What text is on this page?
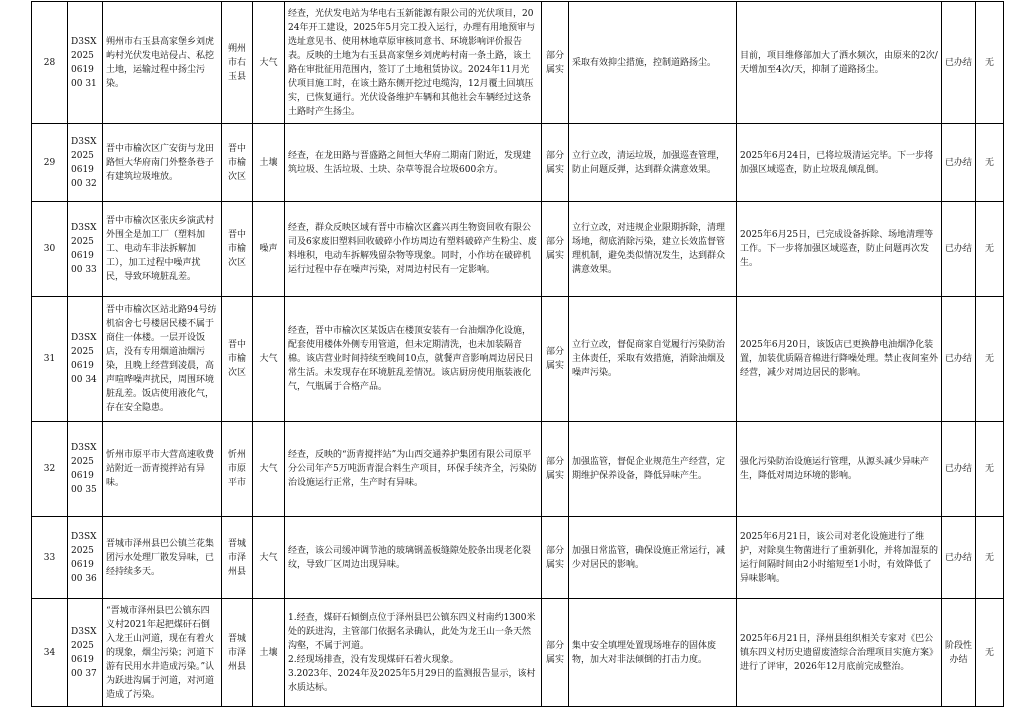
28	D3SX2025061900 31	朔州市右玉县高家堡乡刘虎屿村光伏发电站侵占、私挖土地，运输过程中扬尘污染。	朔州市右玉县	大气	经查，光伏发电站为华电右玉新能源有限公司的光伏项目，2024年开工建设，2025年5月完工投入运行，办理有用地预审与选址意见书、使用林地草原审核同意书、环境影响评价报告表。反映的土地为右玉县高家堡乡刘虎屿村南一条土路，该土路在审批征用范围内，签订了土地租赁协议。2024年11月光伏项目施工时，在该土路东侧开挖过电缆沟，12月覆土回填压实，已恢复通行。光伏设备维护车辆和其他社会车辆经过这条土路时产生扬尘。	部分属实	采取有效抑尘措施，控制道路扬尘。	目前，项目维修部加大了洒水频次，由原来的2次/天增加至4次/天，抑制了道路扬尘。	已办结	无
29	D3SX2025061900 32	晋中市榆次区广安街与龙田路恒大华府南门外整条巷子有建筑垃圾堆放。	晋中市榆次区	土壤	经查，在龙田路与晋盛路之间恒大华府二期南门附近，发现建筑垃圾、生活垃圾、土块、杂草等混合垃圾600余方。	部分属实	立行立改，清运垃圾，加强巡查管理，防止问题反弹，达到群众满意效果。	2025年6月24日，已将垃圾清运完毕。下一步将加强区域巡查，防止垃圾乱倾乱倒。	已办结	无
30	D3SX2025061900 33	晋中市榆次区张庆乡演武村外围全是加工厂（塑料加工、电动车非法拆解加工），加工过程中噪声扰民，导致环境脏乱差。	晋中市榆次区	噪声	经查，群众反映区域有晋中市榆次区鑫兴再生物资回收有限公司及6家废旧塑料回收破碎小作坊周边有塑料破碎产生粉尘、废料堆积，电动车拆解残留杂物等现象。同时，小作坊在破碎机运行过程中存在噪声污染，对周边村民有一定影响。	部分属实	立行立改，对违规企业限期拆除，清理场地，彻底消除污染，建立长效监督管理机制，避免类似情况发生，达到群众满意效果。	2025年6月25日，已完成设备拆除、场地清理等工作。下一步将加强区域巡查，防止问题再次发生。	已办结	无
31	D3SX2025061900 34	晋中市榆次区站北路94号纺机宿舍七号楼居民楼不属于商住一体楼。一层开设饭店，没有专用烟道油烟污染，且晚上经营到凌晨，高声喧哗噪声扰民，周围环境脏乱差。饭店使用液化气，存在安全隐患。	晋中市榆次区	大气	经查，晋中市榆次区某饭店在楼顶安装有一台油烟净化设施，配套使用楼体外侧专用管道，但未定期清洗，也未加装隔音棉。该店营业时间持续至晚间10点，就餐声音影响周边居民日常生活。未发现存在环境脏乱差情况。该店厨房使用瓶装液化气，气瓶属于合格产品。	部分属实	立行立改，督促商家自觉履行污染防治主体责任，采取有效措施，消除油烟及噪声污染。	2025年6月20日，该饭店已更换静电油烟净化装置，加装优质隔音棉进行降噪处理。禁止夜间室外经营，减少对周边居民的影响。	已办结	无
32	D3SX2025061900 35	忻州市原平市大营高速收费站附近一沥青搅拌站有异味。	忻州市原平市	大气	经查，反映的“沥青搅拌站”为山西交通养护集团有限公司原平分公司年产5万吨沥青混合料生产项目，环保手续齐全，污染防治设施运行正常，生产时有异味。	部分属实	加强监管，督促企业规范生产经营，定期维护保养设备，降低异味产生。	强化污染防治设施运行管理，从源头减少异味产生，降低对周边环境的影响。	已办结	无
33	D3SX2025061900 36	晋城市泽州县巴公镇兰花集团污水处理厂散发异味，已经持续多天。	晋城市泽州县	大气	经查，该公司缓冲调节池的玻璃钢盖板缝隙处胶条出现老化裂纹，导致厂区周边出现异味。	部分属实	加强日常监管，确保设施正常运行，减少对居民的影响。	2025年6月21日，该公司对老化设施进行了维护，对除臭生物菌进行了重新驯化，并将加湿泵的运行间隔时间由2小时缩短至1小时，有效降低了异味影响。	已办结	无
34	D3SX2025061900 37	“晋城市泽州县巴公镇东四义村2021年起把煤矸石倒入龙王山河道，现在有着火的现象，烟尘污染；河道下游有民用水井造成污染。”认为跃进沟属于河道，对河道造成了污染。	晋城市泽州县	土壤	1.经查，煤矸石倾倒点位于泽州县巴公镇东四义村南约1300米处的跃进沟，主管部门依据名录确认，此处为龙王山一条天然沟壑，不属于河道。
2.经现场排查，没有发现煤矸石着火现象。
3.2023年、2024年及2025年5月29日的监测报告显示，该村水质达标。	部分属实	集中安全填埋处置现场堆存的固体废物，加大对非法倾倒的打击力度。	2025年6月21日，泽州县组织相关专家对《巴公镇东四义村历史遗留废渣综合治理项目实施方案》进行了评审，2026年12月底前完成整治。	阶段性办结	无
